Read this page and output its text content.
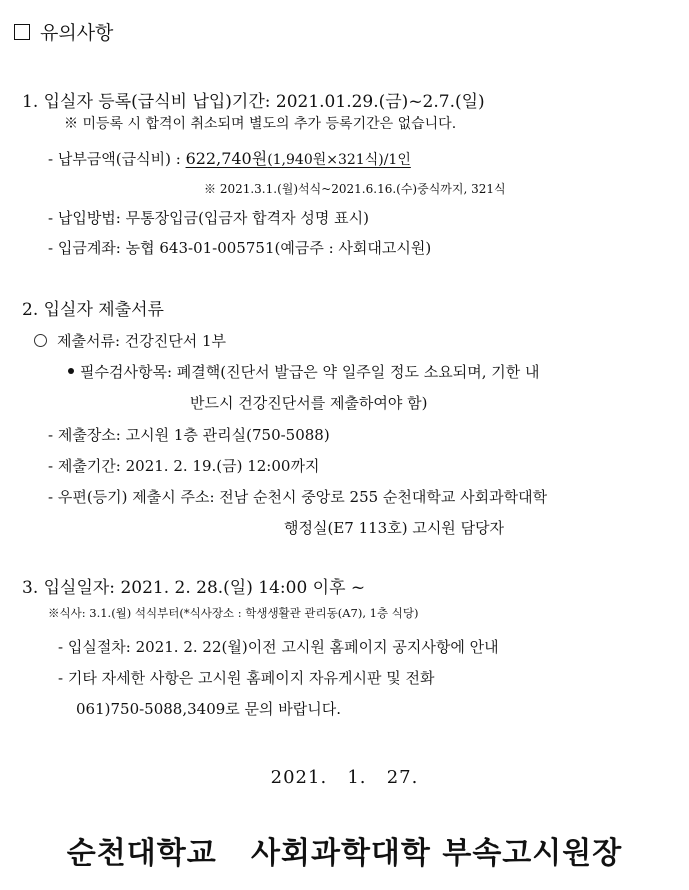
유의사항
1. 입실자 등록(급식비 납입)기간: 2021.01.29.(금)~2.7.(일)
※ 미등록 시 합격이 취소되며 별도의 추가 등록기간은 없습니다.
- 납부금액(급식비) : 622,740원(1,940원×321식)/1인
※ 2021.3.1.(월)석식~2021.6.16.(수)중식까지, 321식
- 납입방법: 무통장입금(입금자 합격자 성명 표시)
- 입금계좌: 농협 643-01-005751(예금주 : 사회대고시원)
2. 입실자 제출서류
제출서류: 건강진단서 1부
필수검사항목: 폐결핵(진단서 발급은 약 일주일 정도 소요되며, 기한 내
반드시 건강진단서를 제출하여야 함)
- 제출장소: 고시원 1층 관리실(750-5088)
- 제출기간: 2021. 2. 19.(금) 12:00까지
- 우편(등기) 제출시 주소: 전남 순천시 중앙로 255 순천대학교 사회과학대학
행정실(E7 113호) 고시원 담당자
3. 입실일자: 2021. 2. 28.(일) 14:00 이후 ~
※식사: 3.1.(월) 석식부터(*식사장소 : 학생생활관 관리동(A7), 1층 식당)
- 입실절차: 2021. 2. 22(월)이전 고시원 홈페이지 공지사항에 안내
- 기타 자세한 사항은 고시원 홈페이지 자유게시판 및 전화
061)750-5088,3409로 문의 바랍니다.
2021.   1.   27.
순천대학교   사회과학대학 부속고시원장
